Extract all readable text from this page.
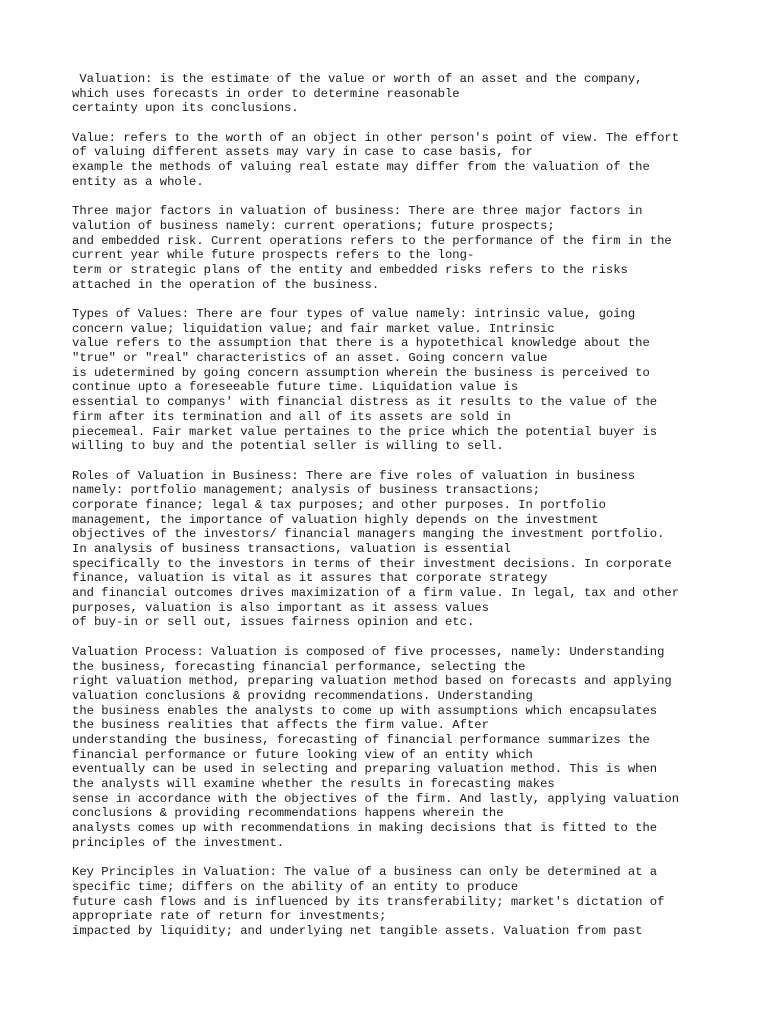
Valuation: is the estimate of the value or worth of an asset and the company,
which uses forecasts in order to determine reasonable
certainty upon its conclusions.
Value: refers to the worth of an object in other person's point of view. The effort
of valuing different assets may vary in case to case basis, for
example the methods of valuing real estate may differ from the valuation of the
entity as a whole.
Three major factors in valuation of business: There are three major factors in
valution of business namely: current operations; future prospects;
and embedded risk. Current operations refers to the performance of the firm in the
current year while future prospects refers to the long-
term or strategic plans of the entity and embedded risks refers to the risks
attached in the operation of the business.
Types of Values: There are four types of value namely: intrinsic value, going
concern value; liquidation value; and fair market value. Intrinsic
value refers to the assumption that there is a hypotethical knowledge about the
"true" or "real" characteristics of an asset. Going concern value
is udetermined by going concern assumption wherein the business is perceived to
continue upto a foreseeable future time. Liquidation value is
essential to companys' with financial distress as it results to the value of the
firm after its termination and all of its assets are sold in
piecemeal. Fair market value pertaines to the price which the potential buyer is
willing to buy and the potential seller is willing to sell.
Roles of Valuation in Business: There are five roles of valuation in business
namely: portfolio management; analysis of business transactions;
corporate finance; legal & tax purposes; and other purposes. In portfolio
management, the importance of valuation highly depends on the investment
objectives of the investors/ financial managers manging the investment portfolio.
In analysis of business transactions, valuation is essential
specifically to the investors in terms of their investment decisions. In corporate
finance, valuation is vital as it assures that corporate strategy
and financial outcomes drives maximization of a firm value. In legal, tax and other
purposes, valuation is also important as it assess values
of buy-in or sell out, issues fairness opinion and etc.
Valuation Process: Valuation is composed of five processes, namely: Understanding
the business, forecasting financial performance, selecting the
right valuation method, preparing valuation method based on forecasts and applying
valuation conclusions & providng recommendations. Understanding
the business enables the analysts to come up with assumptions which encapsulates
the business realities that affects the firm value. After
understanding the business, forecasting of financial performance summarizes the
financial performance or future looking view of an entity which
eventually can be used in selecting and preparing valuation method. This is when
the analysts will examine whether the results in forecasting makes
sense in accordance with the objectives of the firm. And lastly, applying valuation
conclusions & providing recommendations happens wherein the
analysts comes up with recommendations in making decisions that is fitted to the
principles of the investment.
Key Principles in Valuation: The value of a business can only be determined at a
specific time; differs on the ability of an entity to produce
future cash flows and is influenced by its transferability; market's dictation of
appropriate rate of return for investments;
impacted by liquidity; and underlying net tangible assets. Valuation from past
